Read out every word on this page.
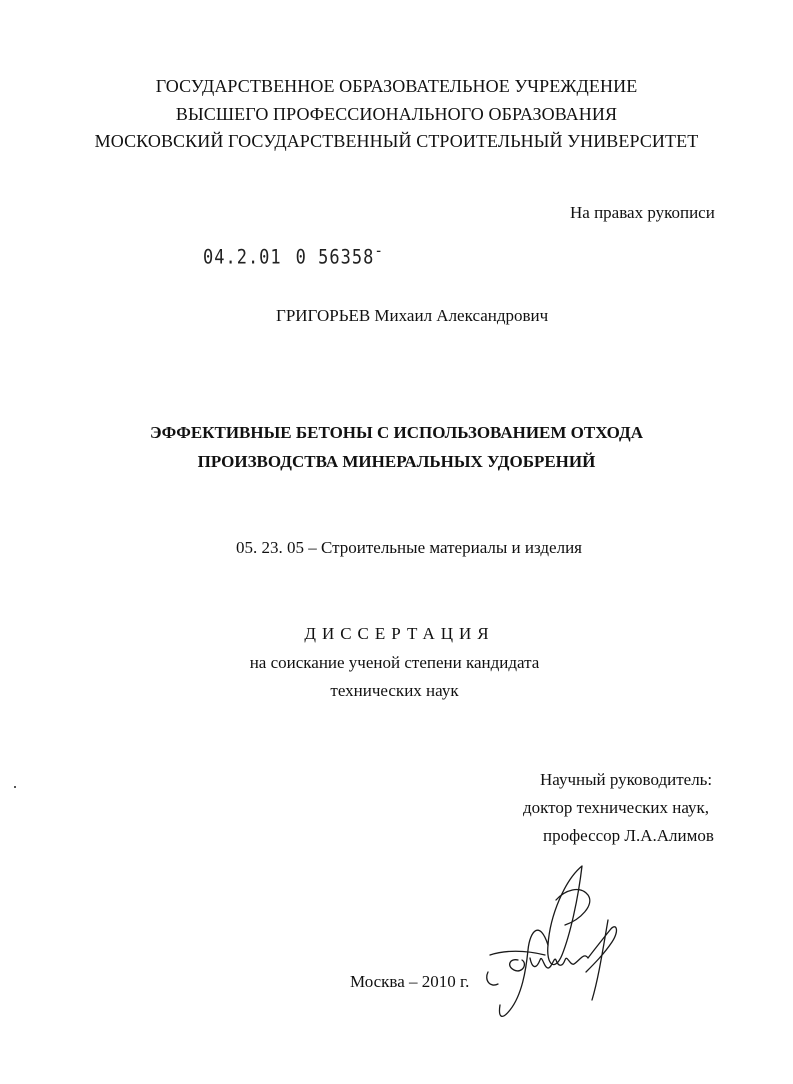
ГОСУДАРСТВЕННОЕ ОБРАЗОВАТЕЛЬНОЕ УЧРЕЖДЕНИЕ
ВЫСШЕГО ПРОФЕССИОНАЛЬНОГО ОБРАЗОВАНИЯ
МОСКОВСКИЙ ГОСУДАРСТВЕННЫЙ СТРОИТЕЛЬНЫЙ УНИВЕРСИТЕТ
На правах рукописи
04.2.01 0 56358-
ГРИГОРЬЕВ Михаил Александрович
ЭФФЕКТИВНЫЕ БЕТОНЫ С ИСПОЛЬЗОВАНИЕМ ОТХОДА
ПРОИЗВОДСТВА МИНЕРАЛЬНЫХ УДОБРЕНИЙ
05. 23. 05 – Строительные материалы и изделия
ДИССЕРТАЦИЯ
на соискание ученой степени кандидата
технических наук
Научный руководитель:
доктор технических наук,
профессор Л.А.Алимов
Москва – 2010 г.
